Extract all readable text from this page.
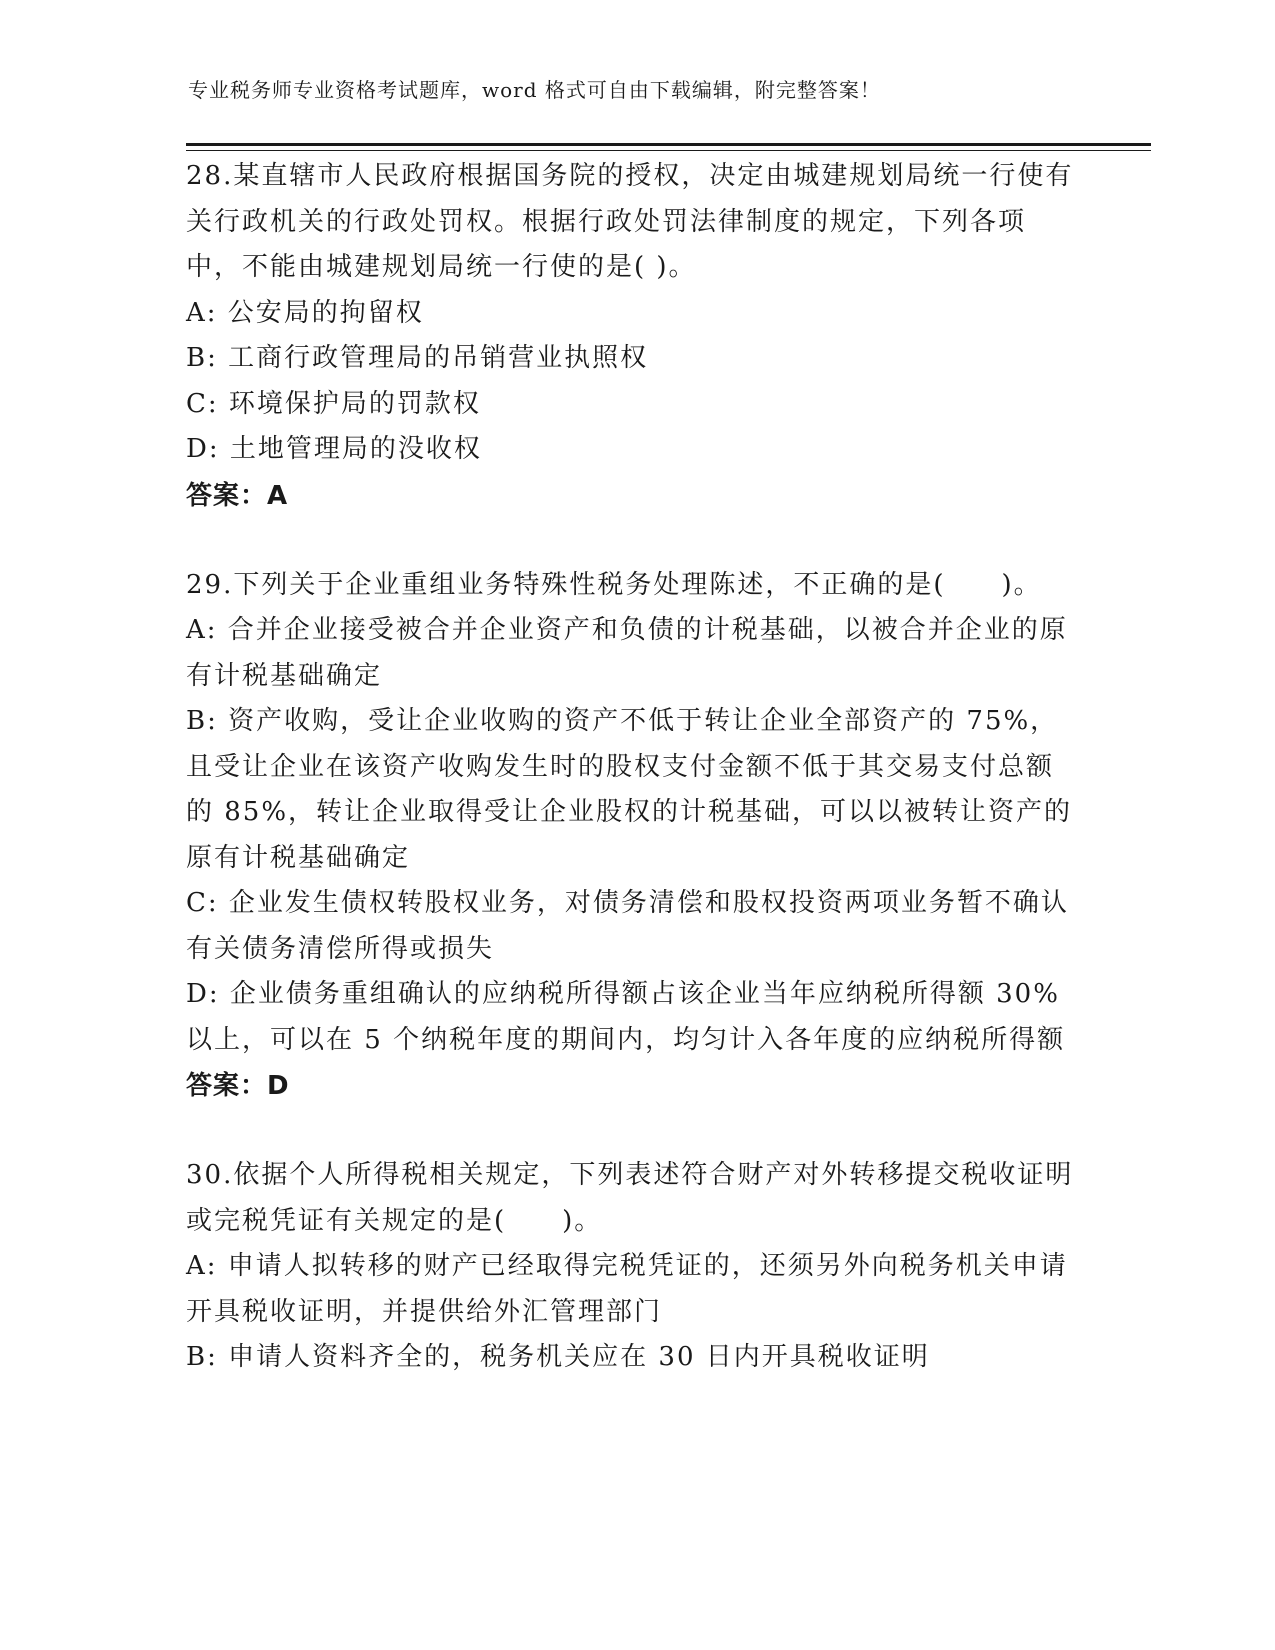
专业税务师专业资格考试题库，word 格式可自由下载编辑，附完整答案！

28.某直辖市人民政府根据国务院的授权，决定由城建规划局统一行使有关行政机关的行政处罚权。根据行政处罚法律制度的规定，下列各项中，不能由城建规划局统一行使的是( )。

A: 公安局的拘留权

B: 工商行政管理局的吊销营业执照权

C: 环境保护局的罚款权

D: 土地管理局的没收权

答案：A

29.下列关于企业重组业务特殊性税务处理陈述，不正确的是(　　)。

A: 合并企业接受被合并企业资产和负债的计税基础，以被合并企业的原有计税基础确定

B: 资产收购，受让企业收购的资产不低于转让企业全部资产的 75%，且受让企业在该资产收购发生时的股权支付金额不低于其交易支付总额的 85%，转让企业取得受让企业股权的计税基础，可以以被转让资产的原有计税基础确定

C: 企业发生债权转股权业务，对债务清偿和股权投资两项业务暂不确认有关债务清偿所得或损失

D: 企业债务重组确认的应纳税所得额占该企业当年应纳税所得额 30%以上，可以在 5 个纳税年度的期间内，均匀计入各年度的应纳税所得额

答案：D

30.依据个人所得税相关规定，下列表述符合财产对外转移提交税收证明或完税凭证有关规定的是(　　)。

A: 申请人拟转移的财产已经取得完税凭证的，还须另外向税务机关申请开具税收证明，并提供给外汇管理部门

B: 申请人资料齐全的，税务机关应在 30 日内开具税收证明
